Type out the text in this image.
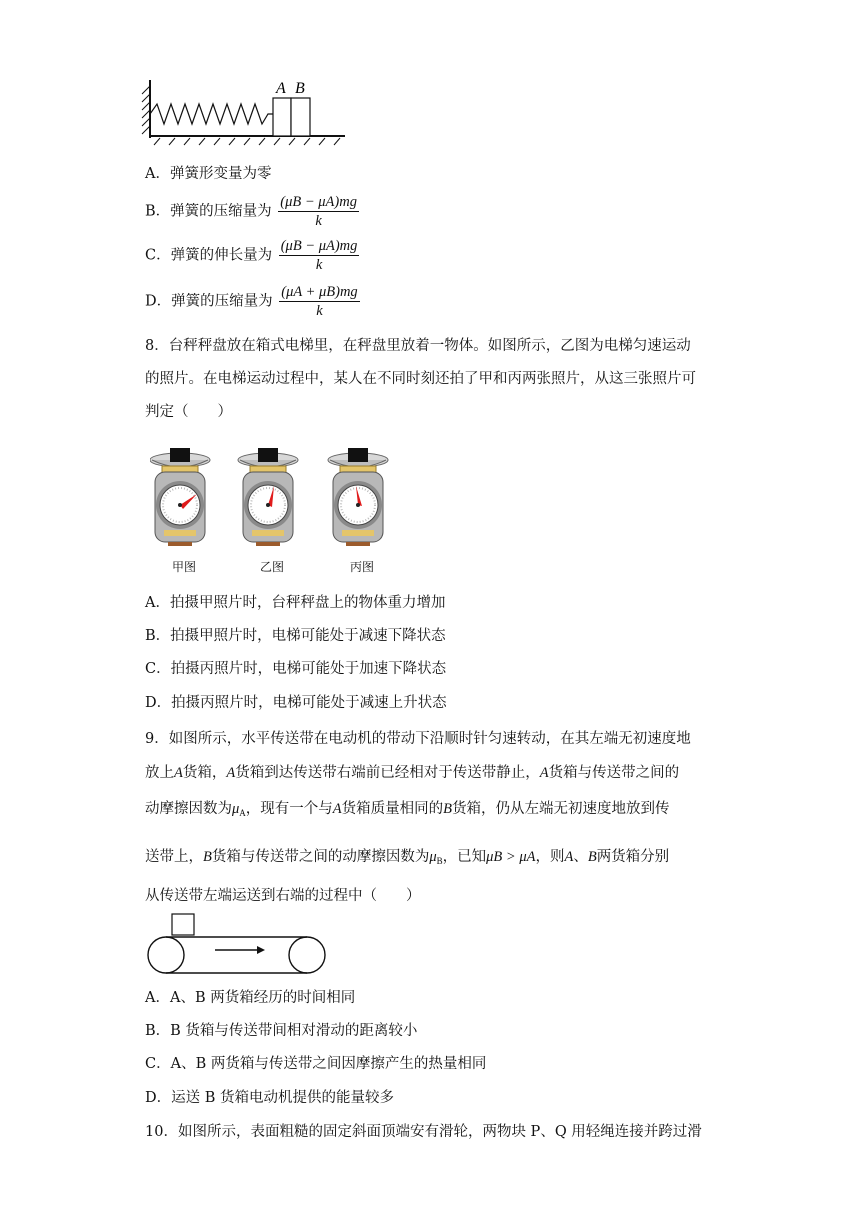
A B
A．弹簧形变量为零
B．弹簧的压缩量为 $\frac{(\mu B - \mu A)mg}{k}$
C．弹簧的伸长量为 $\frac{(\mu B - \mu A)mg}{k}$
D．弹簧的压缩量为 $\frac{(\mu A + \mu B)mg}{k}$
8．台秤秤盘放在箱式电梯里，在秤盘里放着一物体。如图所示，乙图为电梯匀速运动
的照片。在电梯运动过程中，某人在不同时刻还拍了甲和丙两张照片，从这三张照片可
判定（　　）
甲图	乙图	丙图
A．拍摄甲照片时，台秤秤盘上的物体重力增加
B．拍摄甲照片时，电梯可能处于减速下降状态
C．拍摄丙照片时，电梯可能处于加速下降状态
D．拍摄丙照片时，电梯可能处于减速上升状态
9．如图所示，水平传送带在电动机的带动下沿顺时针匀速转动，在其左端无初速度地
放上A货箱，A货箱到达传送带右端前已经相对于传送带静止，A货箱与传送带之间的
动摩擦因数为$\mu_A$，现有一个与A货箱质量相同的B货箱，仍从左端无初速度地放到传
送带上，B货箱与传送带之间的动摩擦因数为$\mu_B$，已知μB > μA，则A、B两货箱分别
从传送带左端运送到右端的过程中（　　）
A．A、B 两货箱经历的时间相同
B．B 货箱与传送带间相对滑动的距离较小
C．A、B 两货箱与传送带之间因摩擦产生的热量相同
D．运送 B 货箱电动机提供的能量较多
10．如图所示，表面粗糙的固定斜面顶端安有滑轮，两物块 P、Q 用轻绳连接并跨过滑
